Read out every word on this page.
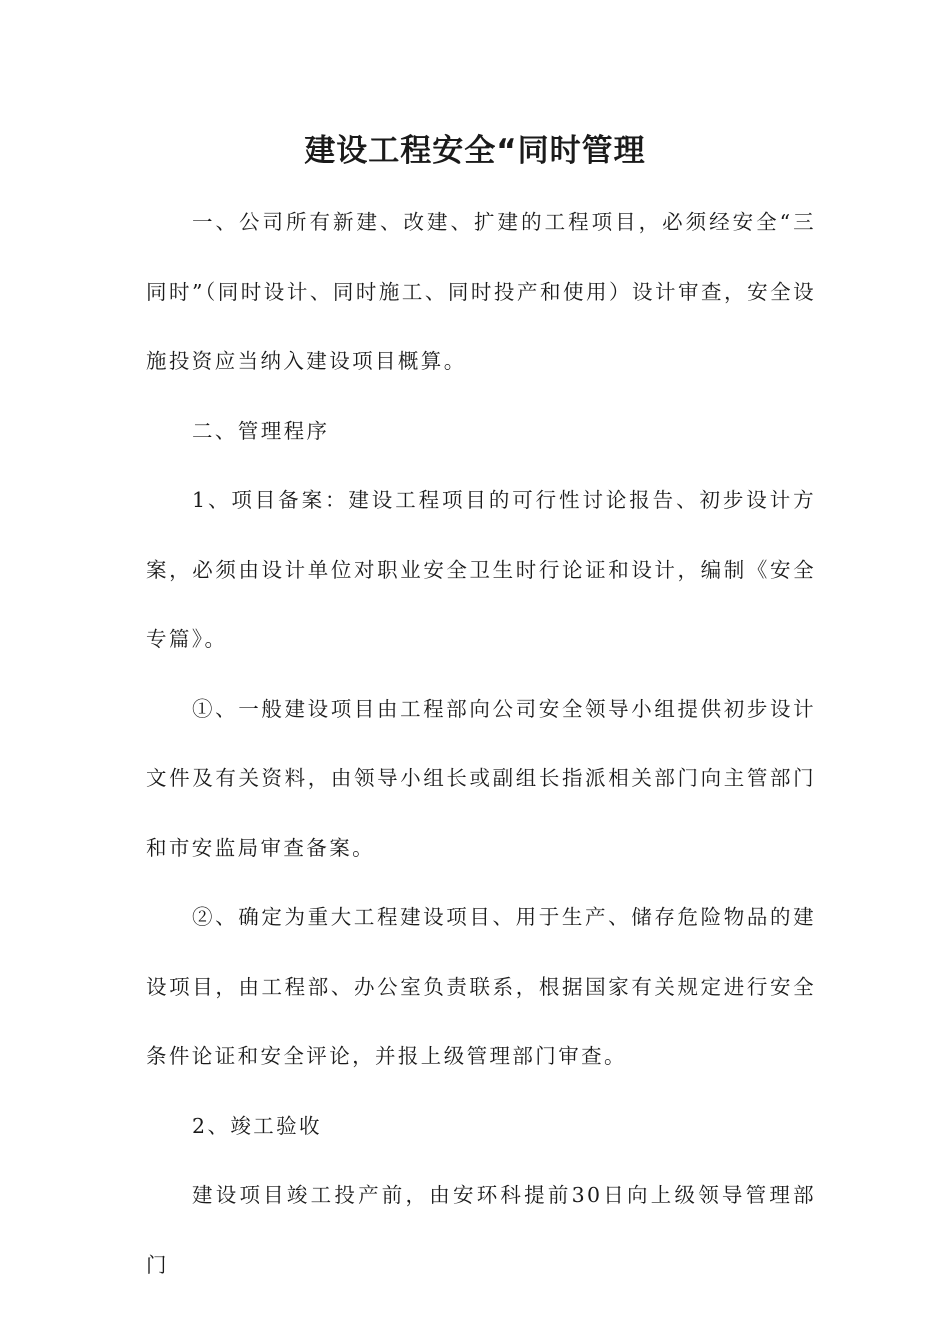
建设工程安全“同时管理

一、公司所有新建、改建、扩建的工程项目，必须经安全“三同时”（同时设计、同时施工、同时投产和使用）设计审查，安全设施投资应当纳入建设项目概算。

二、管理程序

1、项目备案：建设工程项目的可行性讨论报告、初步设计方案，必须由设计单位对职业安全卫生时行论证和设计，编制《安全专篇》。

①、一般建设项目由工程部向公司安全领导小组提供初步设计文件及有关资料，由领导小组长或副组长指派相关部门向主管部门和市安监局审查备案。

②、确定为重大工程建设项目、用于生产、储存危险物品的建设项目，由工程部、办公室负责联系，根据国家有关规定进行安全条件论证和安全评论，并报上级管理部门审查。

2、竣工验收

建设项目竣工投产前，由安环科提前30日向上级领导管理部门
